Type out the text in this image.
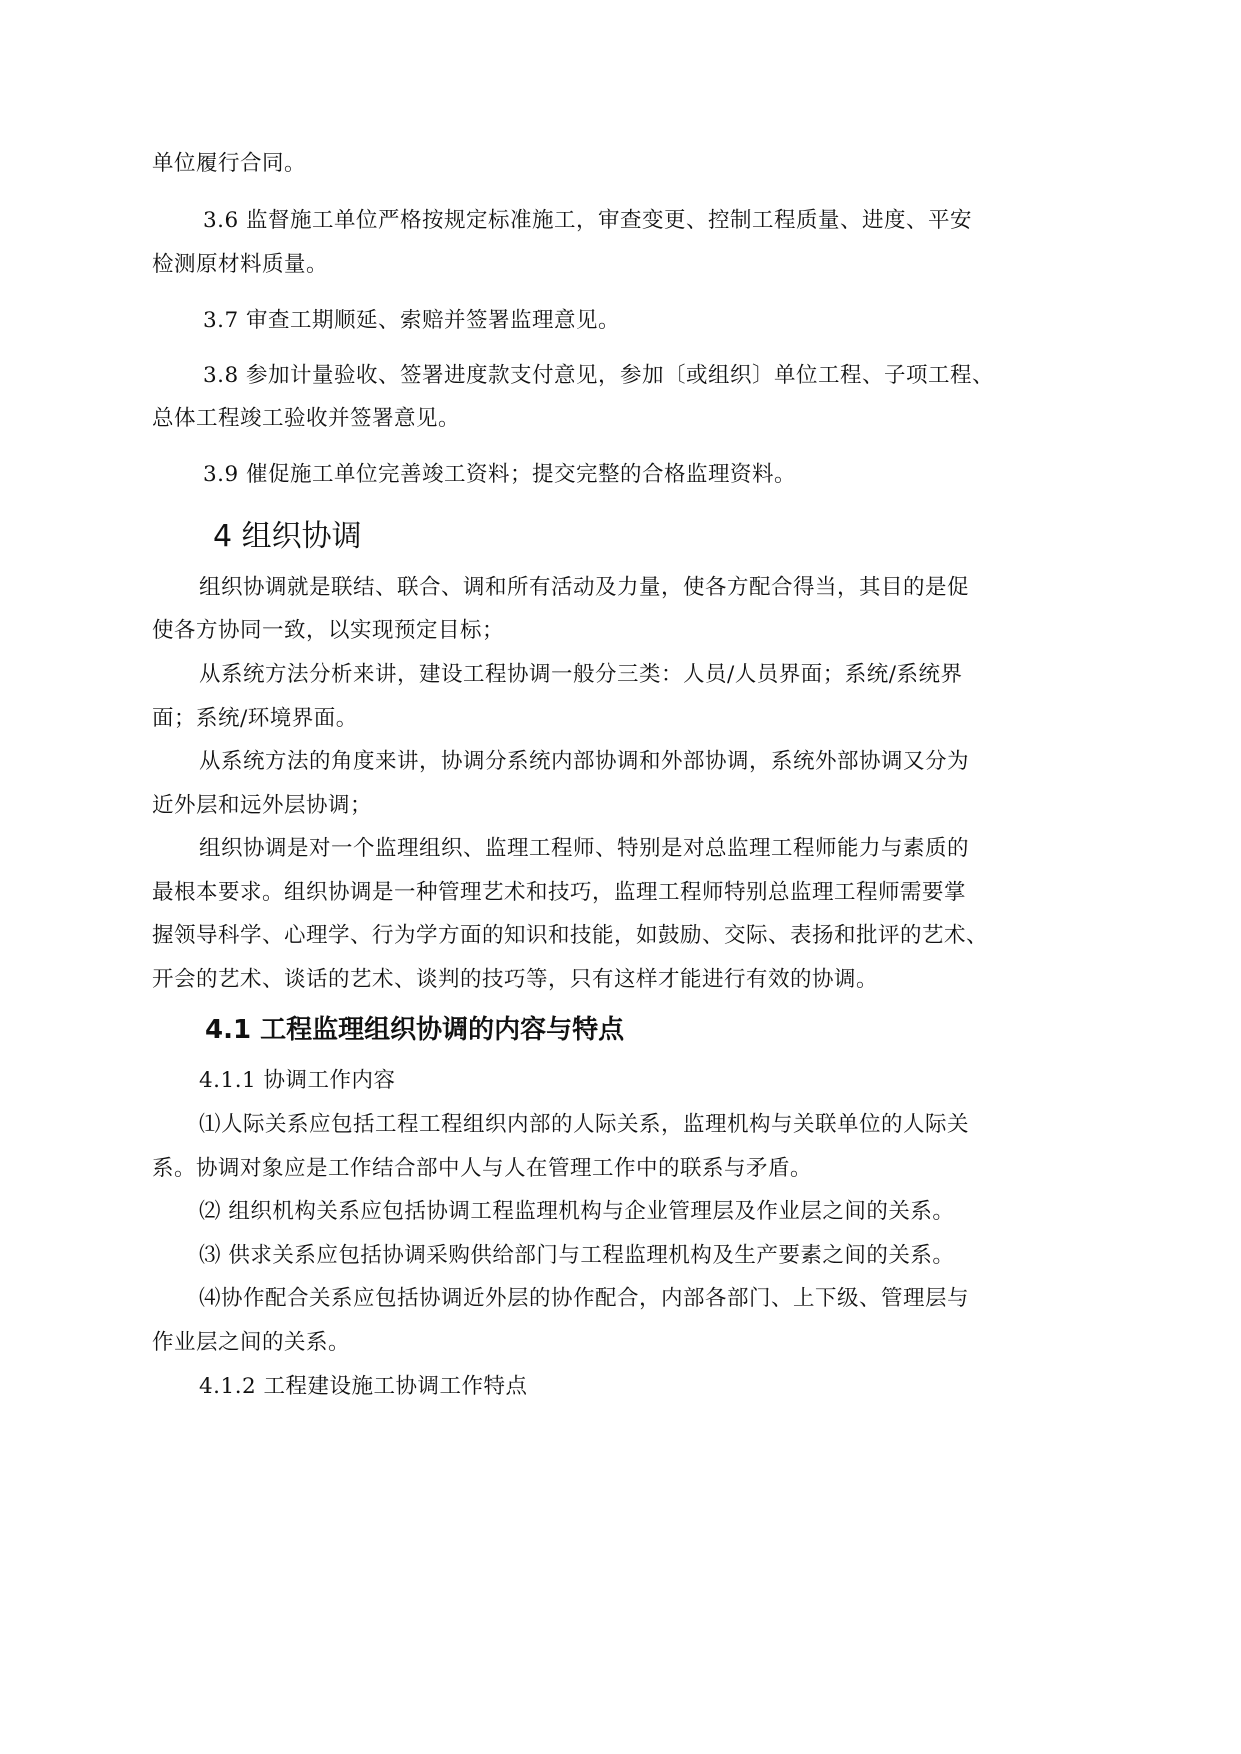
单位履行合同。
3.6 监督施工单位严格按规定标准施工，审查变更、控制工程质量、进度、平安
检测原材料质量。
3.7 审查工期顺延、索赔并签署监理意见。
3.8 参加计量验收、签署进度款支付意见，参加〔或组织〕单位工程、子项工程、
总体工程竣工验收并签署意见。
3.9 催促施工单位完善竣工资料；提交完整的合格监理资料。
4 组织协调
组织协调就是联结、联合、调和所有活动及力量，使各方配合得当，其目的是促
使各方协同一致，以实现预定目标；
从系统方法分析来讲，建设工程协调一般分三类：人员/人员界面；系统/系统界
面；系统/环境界面。
从系统方法的角度来讲，协调分系统内部协调和外部协调，系统外部协调又分为
近外层和远外层协调；
组织协调是对一个监理组织、监理工程师、特别是对总监理工程师能力与素质的
最根本要求。组织协调是一种管理艺术和技巧，监理工程师特别总监理工程师需要掌
握领导科学、心理学、行为学方面的知识和技能，如鼓励、交际、表扬和批评的艺术、
开会的艺术、谈话的艺术、谈判的技巧等，只有这样才能进行有效的协调。
4.1 工程监理组织协调的内容与特点
4.1.1 协调工作内容
⑴人际关系应包括工程工程组织内部的人际关系，监理机构与关联单位的人际关
系。协调对象应是工作结合部中人与人在管理工作中的联系与矛盾。
⑵ 组织机构关系应包括协调工程监理机构与企业管理层及作业层之间的关系。
⑶ 供求关系应包括协调采购供给部门与工程监理机构及生产要素之间的关系。
⑷协作配合关系应包括协调近外层的协作配合，内部各部门、上下级、管理层与
作业层之间的关系。
4.1.2 工程建设施工协调工作特点
